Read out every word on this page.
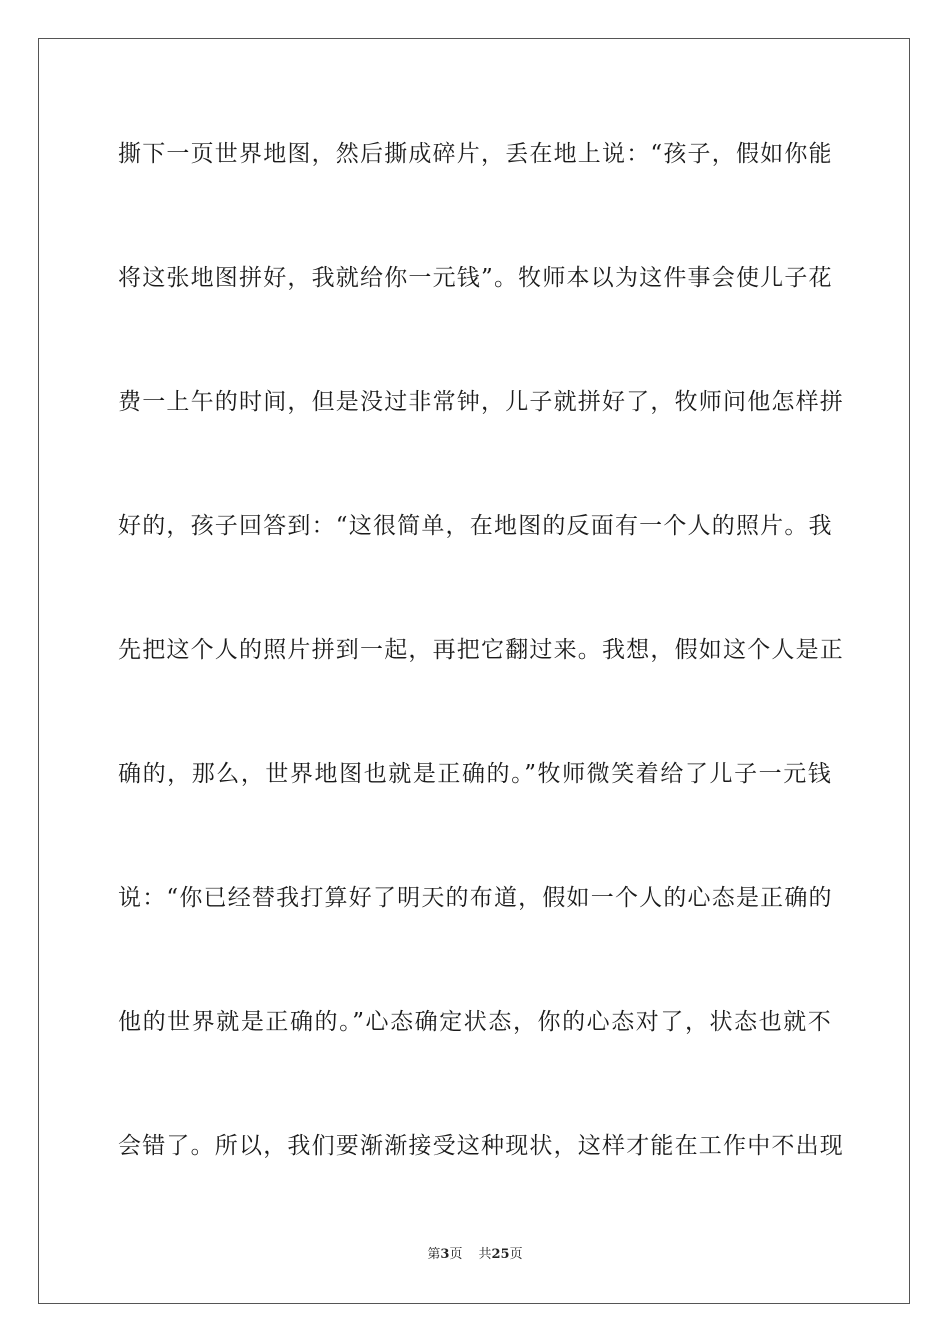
撕下一页世界地图，然后撕成碎片，丢在地上说：“孩子，假如你能
将这张地图拼好，我就给你一元钱”。牧师本以为这件事会使儿子花
费一上午的时间，但是没过非常钟，儿子就拼好了，牧师问他怎样拼
好的，孩子回答到：“这很简单，在地图的反面有一个人的照片。我
先把这个人的照片拼到一起，再把它翻过来。我想，假如这个人是正
确的，那么，世界地图也就是正确的。”牧师微笑着给了儿子一元钱
说：“你已经替我打算好了明天的布道，假如一个人的心态是正确的
他的世界就是正确的。”心态确定状态，你的心态对了，状态也就不
会错了。所以，我们要渐渐接受这种现状，这样才能在工作中不出现
第3页 共25页
